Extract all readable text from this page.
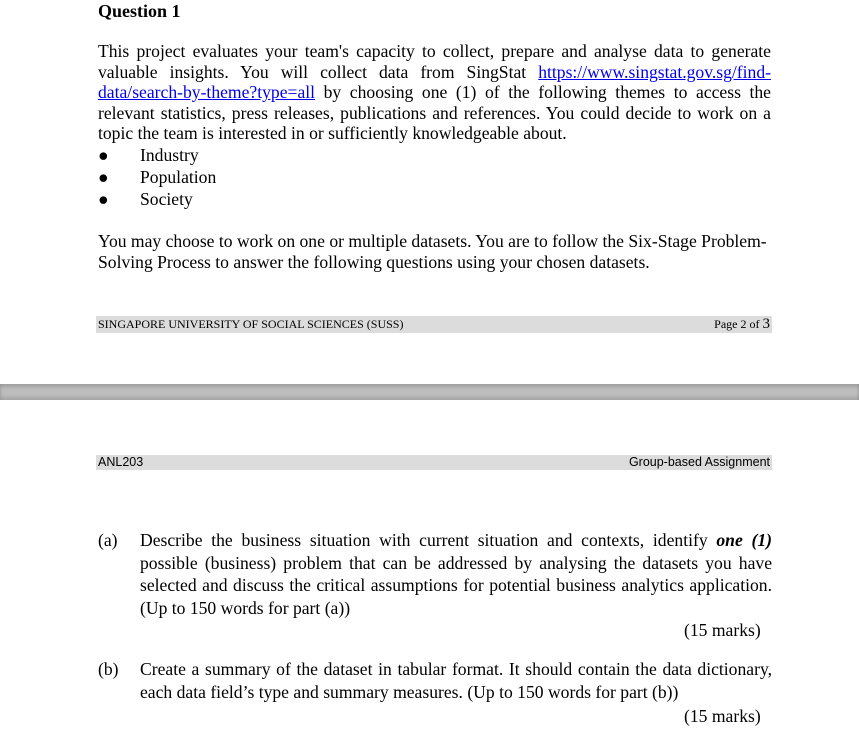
Question 1
This project evaluates your team's capacity to collect, prepare and analyse data to generate valuable insights. You will collect data from SingStat https://www.singstat.gov.sg/find-data/search-by-theme?type=all by choosing one (1) of the following themes to access the relevant statistics, press releases, publications and references. You could decide to work on a topic the team is interested in or sufficiently knowledgeable about.
● Industry
● Population
● Society
You may choose to work on one or multiple datasets. You are to follow the Six-Stage Problem-Solving Process to answer the following questions using your chosen datasets.
SINGAPORE UNIVERSITY OF SOCIAL SCIENCES (SUSS)	Page 2 of 3
ANL203	Group-based Assignment
(a) Describe the business situation with current situation and contexts, identify one (1) possible (business) problem that can be addressed by analysing the datasets you have selected and discuss the critical assumptions for potential business analytics application. (Up to 150 words for part (a))
(15 marks)
(b) Create a summary of the dataset in tabular format. It should contain the data dictionary, each data field’s type and summary measures. (Up to 150 words for part (b))
(15 marks)
